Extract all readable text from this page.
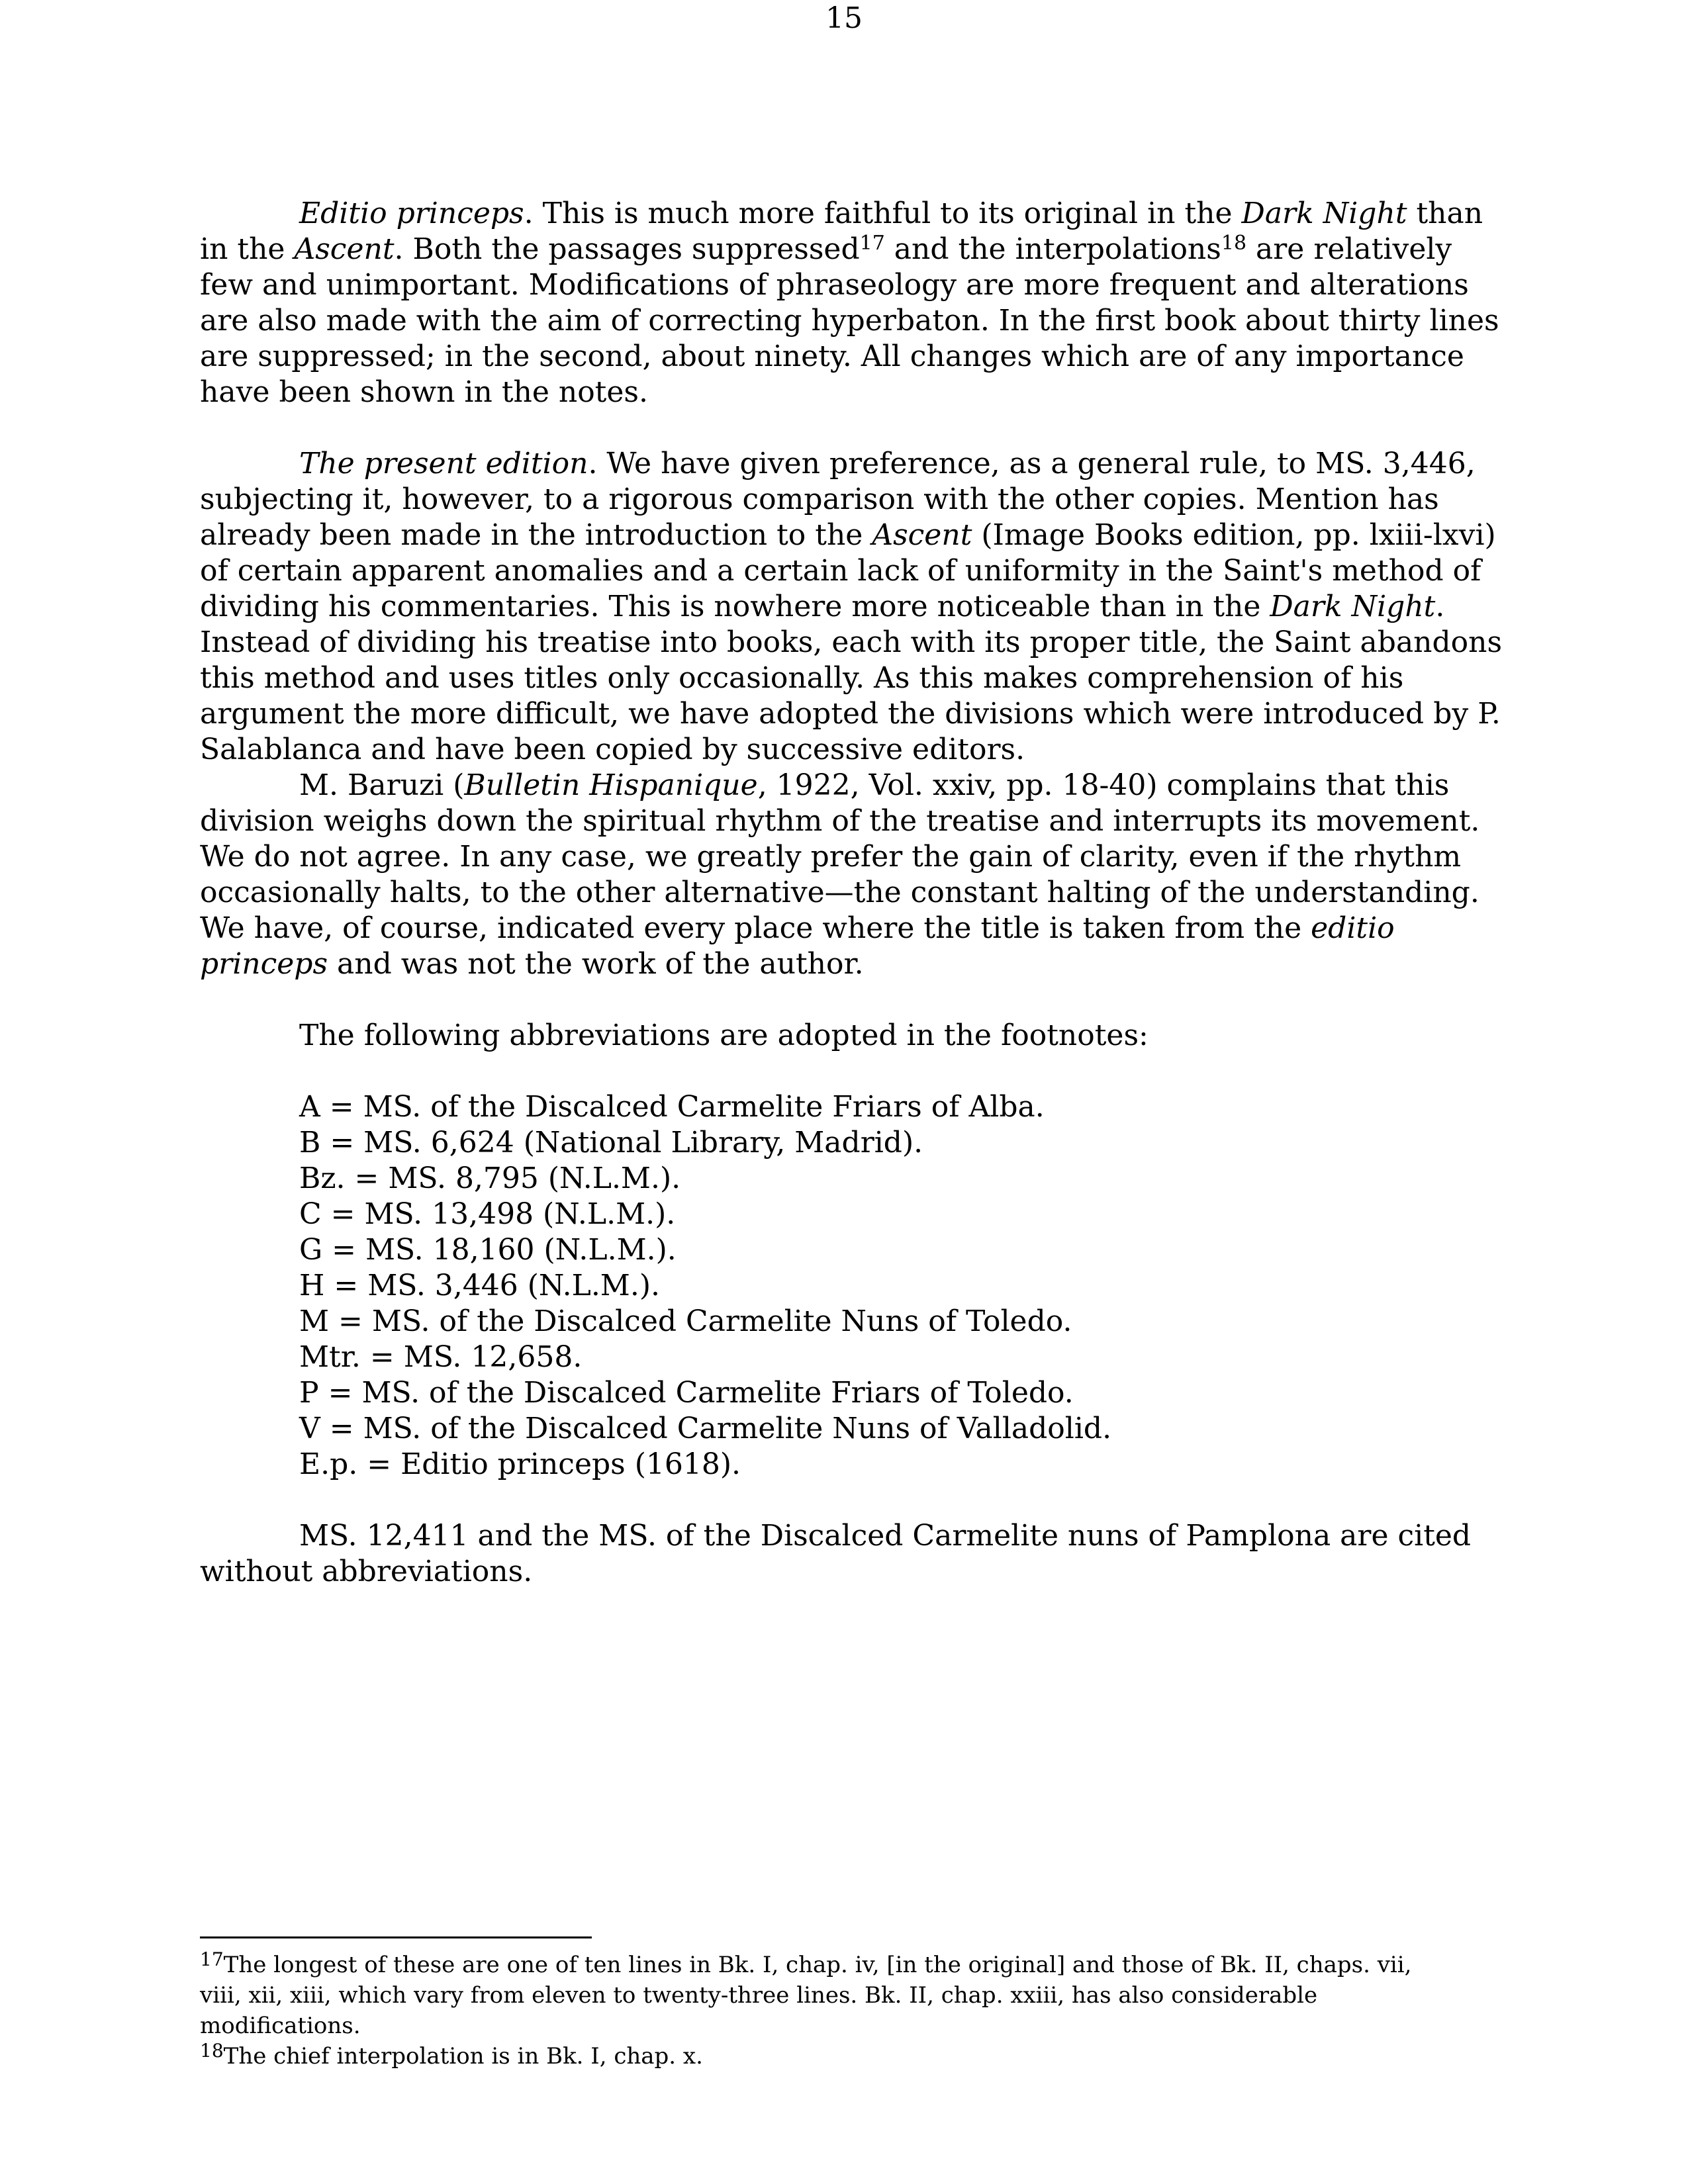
15

Editio princeps. This is much more faithful to its original in the Dark Night than in the Ascent. Both the passages suppressed$^{17}$ and the interpolations$^{18}$ are relatively few and unimportant. Modifications of phraseology are more frequent and alterations are also made with the aim of correcting hyperbaton. In the first book about thirty lines are suppressed; in the second, about ninety. All changes which are of any importance have been shown in the notes.

The present edition. We have given preference, as a general rule, to MS. 3,446, subjecting it, however, to a rigorous comparison with the other copies. Mention has already been made in the introduction to the Ascent (Image Books edition, pp. lxiii-lxvi) of certain apparent anomalies and a certain lack of uniformity in the Saint's method of dividing his commentaries. This is nowhere more noticeable than in the Dark Night. Instead of dividing his treatise into books, each with its proper title, the Saint abandons this method and uses titles only occasionally. As this makes comprehension of his argument the more difficult, we have adopted the divisions which were introduced by P. Salablanca and have been copied by successive editors.

M. Baruzi (Bulletin Hispanique, 1922, Vol. xxiv, pp. 18-40) complains that this division weighs down the spiritual rhythm of the treatise and interrupts its movement. We do not agree. In any case, we greatly prefer the gain of clarity, even if the rhythm occasionally halts, to the other alternative—the constant halting of the understanding. We have, of course, indicated every place where the title is taken from the editio princeps and was not the work of the author.

The following abbreviations are adopted in the footnotes:

A = MS. of the Discalced Carmelite Friars of Alba.
B = MS. 6,624 (National Library, Madrid).
Bz. = MS. 8,795 (N.L.M.).
C = MS. 13,498 (N.L.M.).
G = MS. 18,160 (N.L.M.).
H = MS. 3,446 (N.L.M.).
M = MS. of the Discalced Carmelite Nuns of Toledo.
Mtr. = MS. 12,658.
P = MS. of the Discalced Carmelite Friars of Toledo.
V = MS. of the Discalced Carmelite Nuns of Valladolid.
E.p. = Editio princeps (1618).

MS. 12,411 and the MS. of the Discalced Carmelite nuns of Pamplona are cited without abbreviations.

$^{17}$The longest of these are one of ten lines in Bk. I, chap. iv, [in the original] and those of Bk. II, chaps. vii, viii, xii, xiii, which vary from eleven to twenty-three lines. Bk. II, chap. xxiii, has also considerable modifications.

$^{18}$The chief interpolation is in Bk. I, chap. x.
